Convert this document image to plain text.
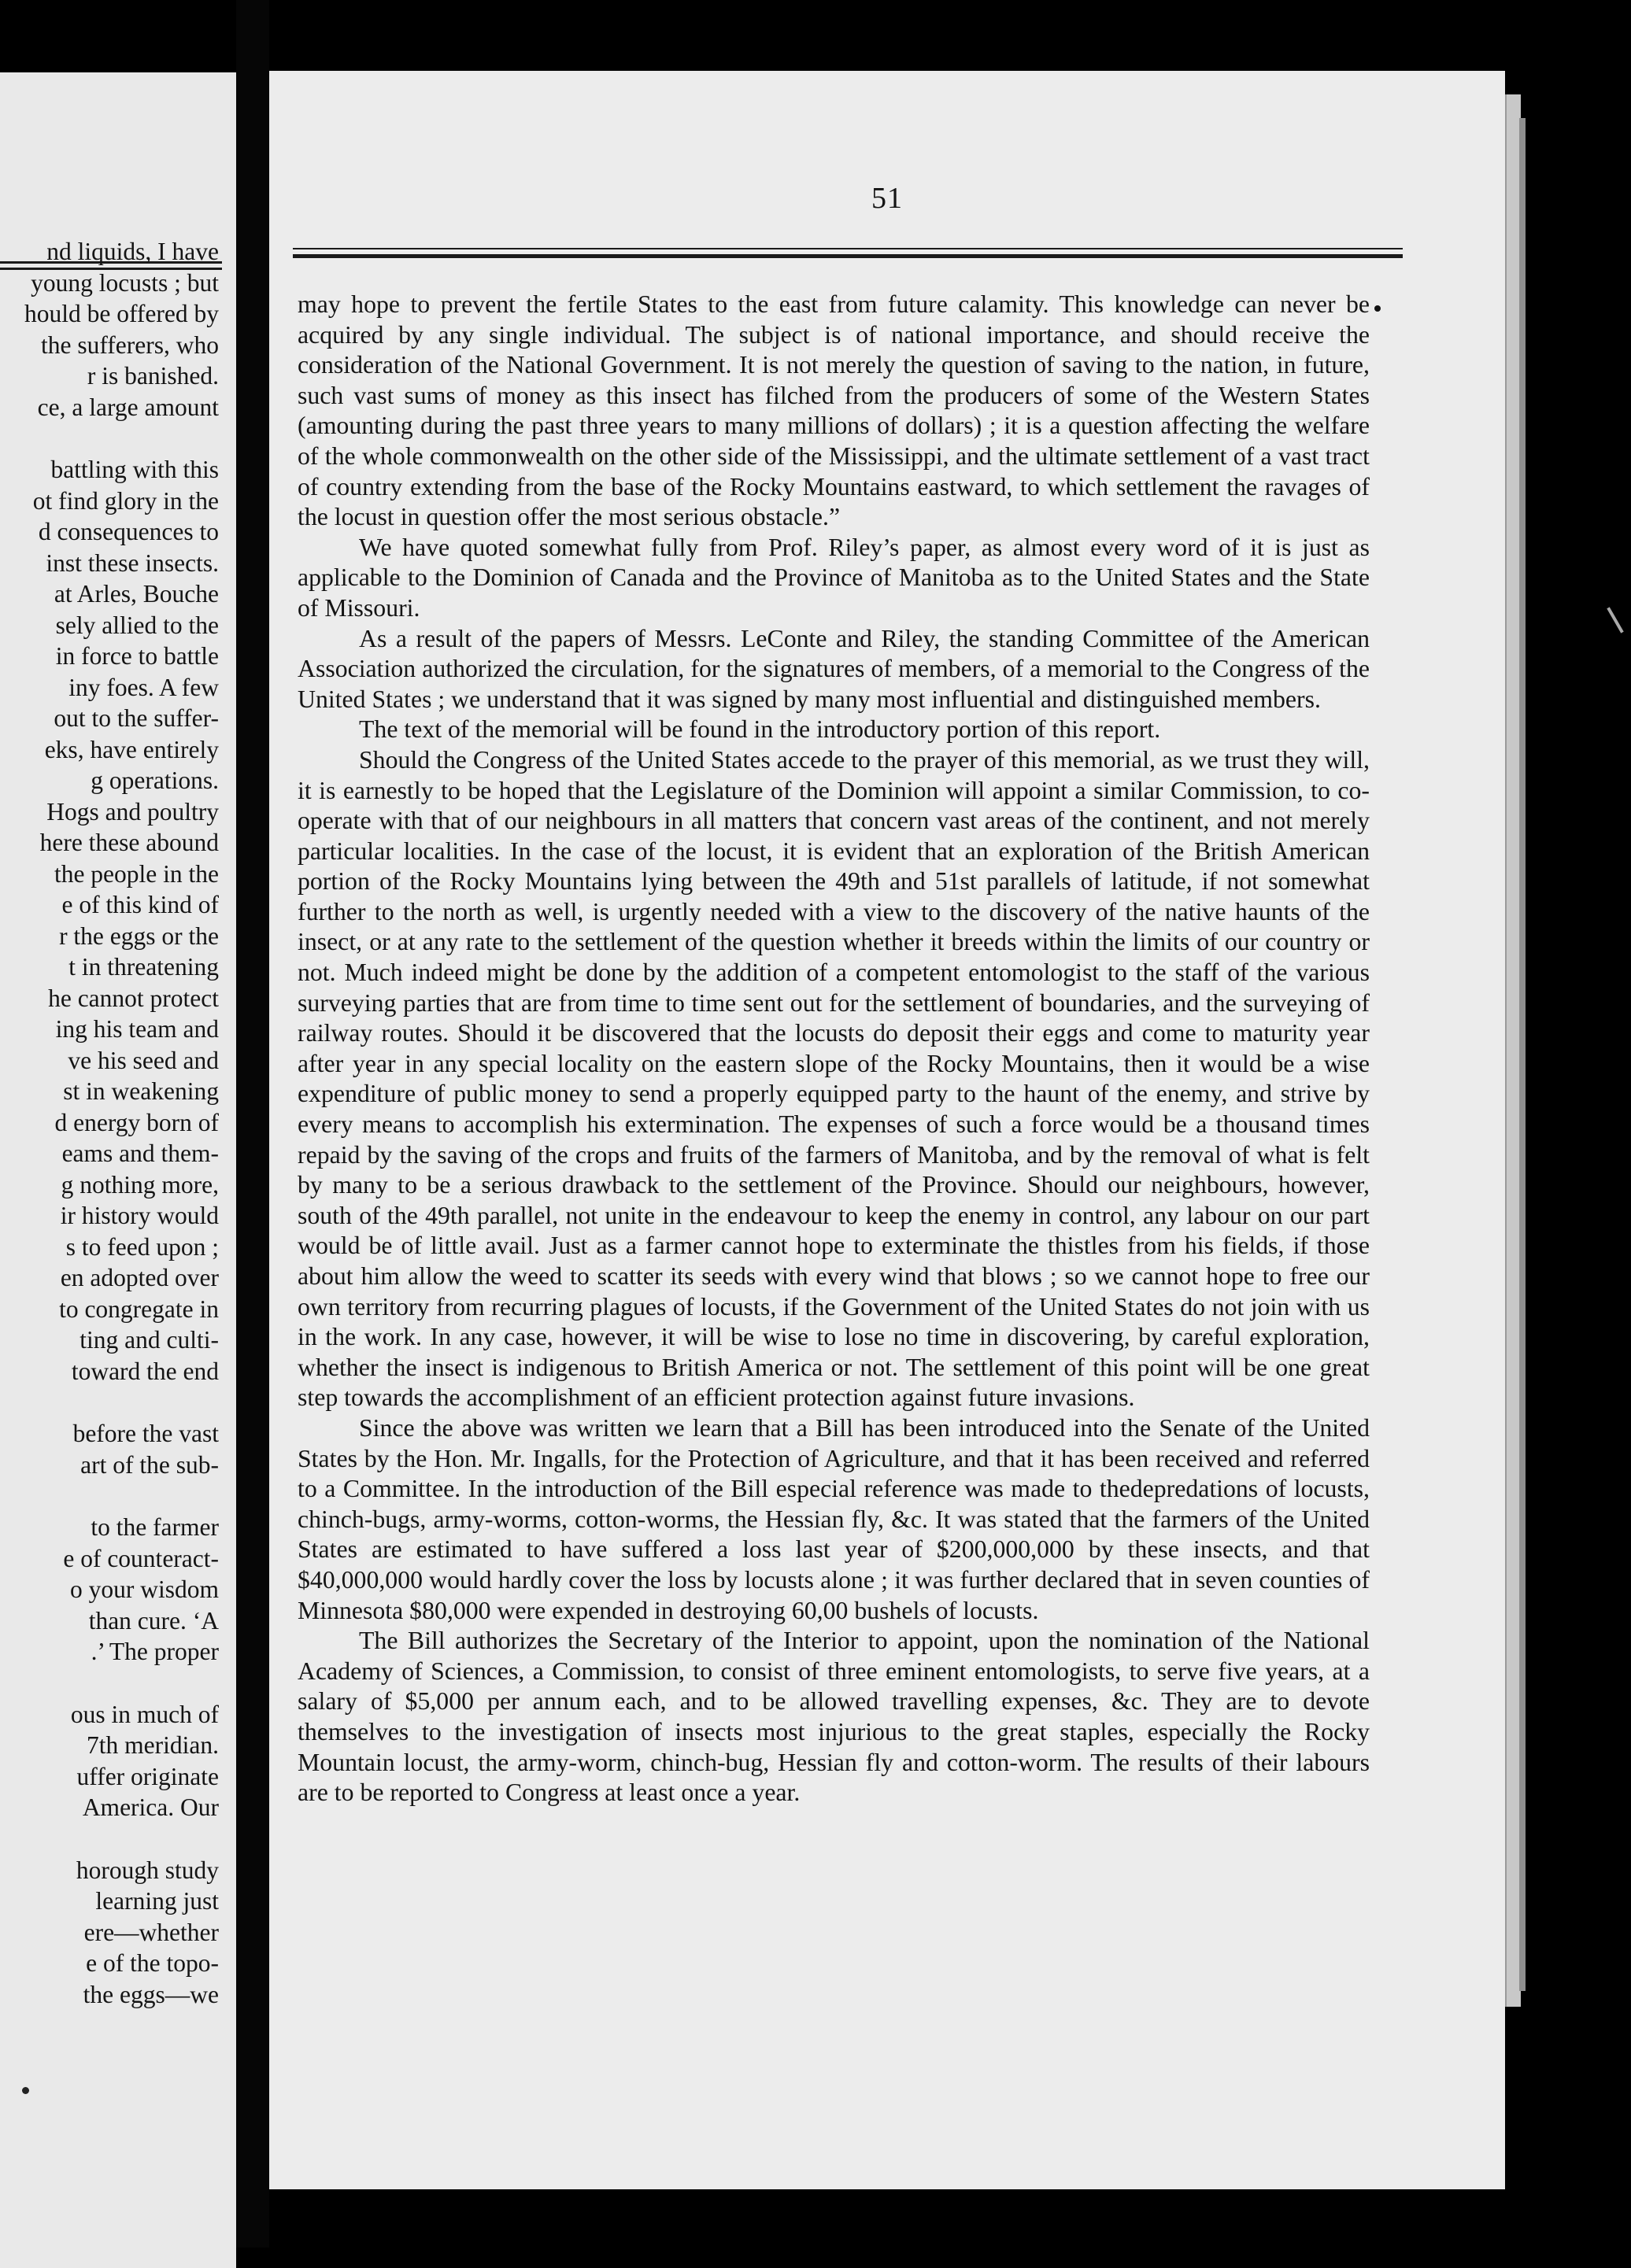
nd liquids, I have
young locusts ; but
hould be offered by
the sufferers, who
r is banished.
ce, a large amount
battling with this
ot find glory in the
d consequences to
inst these insects.
at Arles, Bouche
sely allied to the
in force to battle
iny foes. A few
out to the suffer-
eks, have entirely
g operations.
Hogs and poultry
here these abound
the people in the
e of this kind of
r the eggs or the
t in threatening
he cannot protect
ing his team and
ve his seed and
st in weakening
d energy born of
eams and them-
g nothing more,
ir history would
s to feed upon ;
en adopted over
to congregate in
ting and culti-
toward the end
before the vast
art of the sub-
to the farmer
e of counteract-
o your wisdom
than cure. ‘A
.’ The proper
ous in much of
7th meridian.
uffer originate
America. Our
horough study
learning just
ere—whether
e of the topo-
the eggs—we
51

may hope to prevent the fertile States to the east from future calamity. This knowledge can never be acquired by any single individual. The subject is of national importance, and should receive the consideration of the National Government. It is not merely the question of saving to the nation, in future, such vast sums of money as this insect has filched from the producers of some of the Western States (amounting during the past three years to many millions of dollars) ; it is a question affecting the welfare of the whole commonwealth on the other side of the Mississippi, and the ultimate settlement of a vast tract of country extending from the base of the Rocky Mountains eastward, to which settlement the ravages of the locust in question offer the most serious obstacle.”

We have quoted somewhat fully from Prof. Riley’s paper, as almost every word of it is just as applicable to the Dominion of Canada and the Province of Manitoba as to the United States and the State of Missouri.

As a result of the papers of Messrs. LeConte and Riley, the standing Committee of the American Association authorized the circulation, for the signatures of members, of a memorial to the Congress of the United States ; we understand that it was signed by many most influential and distinguished members.

The text of the memorial will be found in the introductory portion of this report.

Should the Congress of the United States accede to the prayer of this memorial, as we trust they will, it is earnestly to be hoped that the Legislature of the Dominion will appoint a similar Commission, to co-operate with that of our neighbours in all matters that concern vast areas of the continent, and not merely particular localities. In the case of the locust, it is evident that an exploration of the British American portion of the Rocky Mountains lying between the 49th and 51st parallels of latitude, if not somewhat further to the north as well, is urgently needed with a view to the discovery of the native haunts of the insect, or at any rate to the settlement of the question whether it breeds within the limits of our country or not. Much indeed might be done by the addition of a competent entomologist to the staff of the various surveying parties that are from time to time sent out for the settlement of boundaries, and the surveying of railway routes. Should it be discovered that the locusts do deposit their eggs and come to maturity year after year in any special locality on the eastern slope of the Rocky Mountains, then it would be a wise expenditure of public money to send a properly equipped party to the haunt of the enemy, and strive by every means to accomplish his extermination. The expenses of such a force would be a thousand times repaid by the saving of the crops and fruits of the farmers of Manitoba, and by the removal of what is felt by many to be a serious drawback to the settlement of the Province. Should our neighbours, however, south of the 49th parallel, not unite in the endeavour to keep the enemy in control, any labour on our part would be of little avail. Just as a farmer cannot hope to exterminate the thistles from his fields, if those about him allow the weed to scatter its seeds with every wind that blows ; so we cannot hope to free our own territory from recurring plagues of locusts, if the Government of the United States do not join with us in the work. In any case, however, it will be wise to lose no time in discovering, by careful exploration, whether the insect is indigenous to British America or not. The settlement of this point will be one great step towards the accomplishment of an efficient protection against future invasions.

Since the above was written we learn that a Bill has been introduced into the Senate of the United States by the Hon. Mr. Ingalls, for the Protection of Agriculture, and that it has been received and referred to a Committee. In the introduction of the Bill especial reference was made to thedepredations of locusts, chinch-bugs, army-worms, cotton-worms, the Hessian fly, &c. It was stated that the farmers of the United States are estimated to have suffered a loss last year of $200,000,000 by these insects, and that $40,000,000 would hardly cover the loss by locusts alone ; it was further declared that in seven counties of Minnesota $80,000 were expended in destroying 60,00 bushels of locusts.

The Bill authorizes the Secretary of the Interior to appoint, upon the nomination of the National Academy of Sciences, a Commission, to consist of three eminent entomologists, to serve five years, at a salary of $5,000 per annum each, and to be allowed travelling expenses, &c. They are to devote themselves to the investigation of insects most injurious to the great staples, especially the Rocky Mountain locust, the army-worm, chinch-bug, Hessian fly and cotton-worm. The results of their labours are to be reported to Congress at least once a year.
